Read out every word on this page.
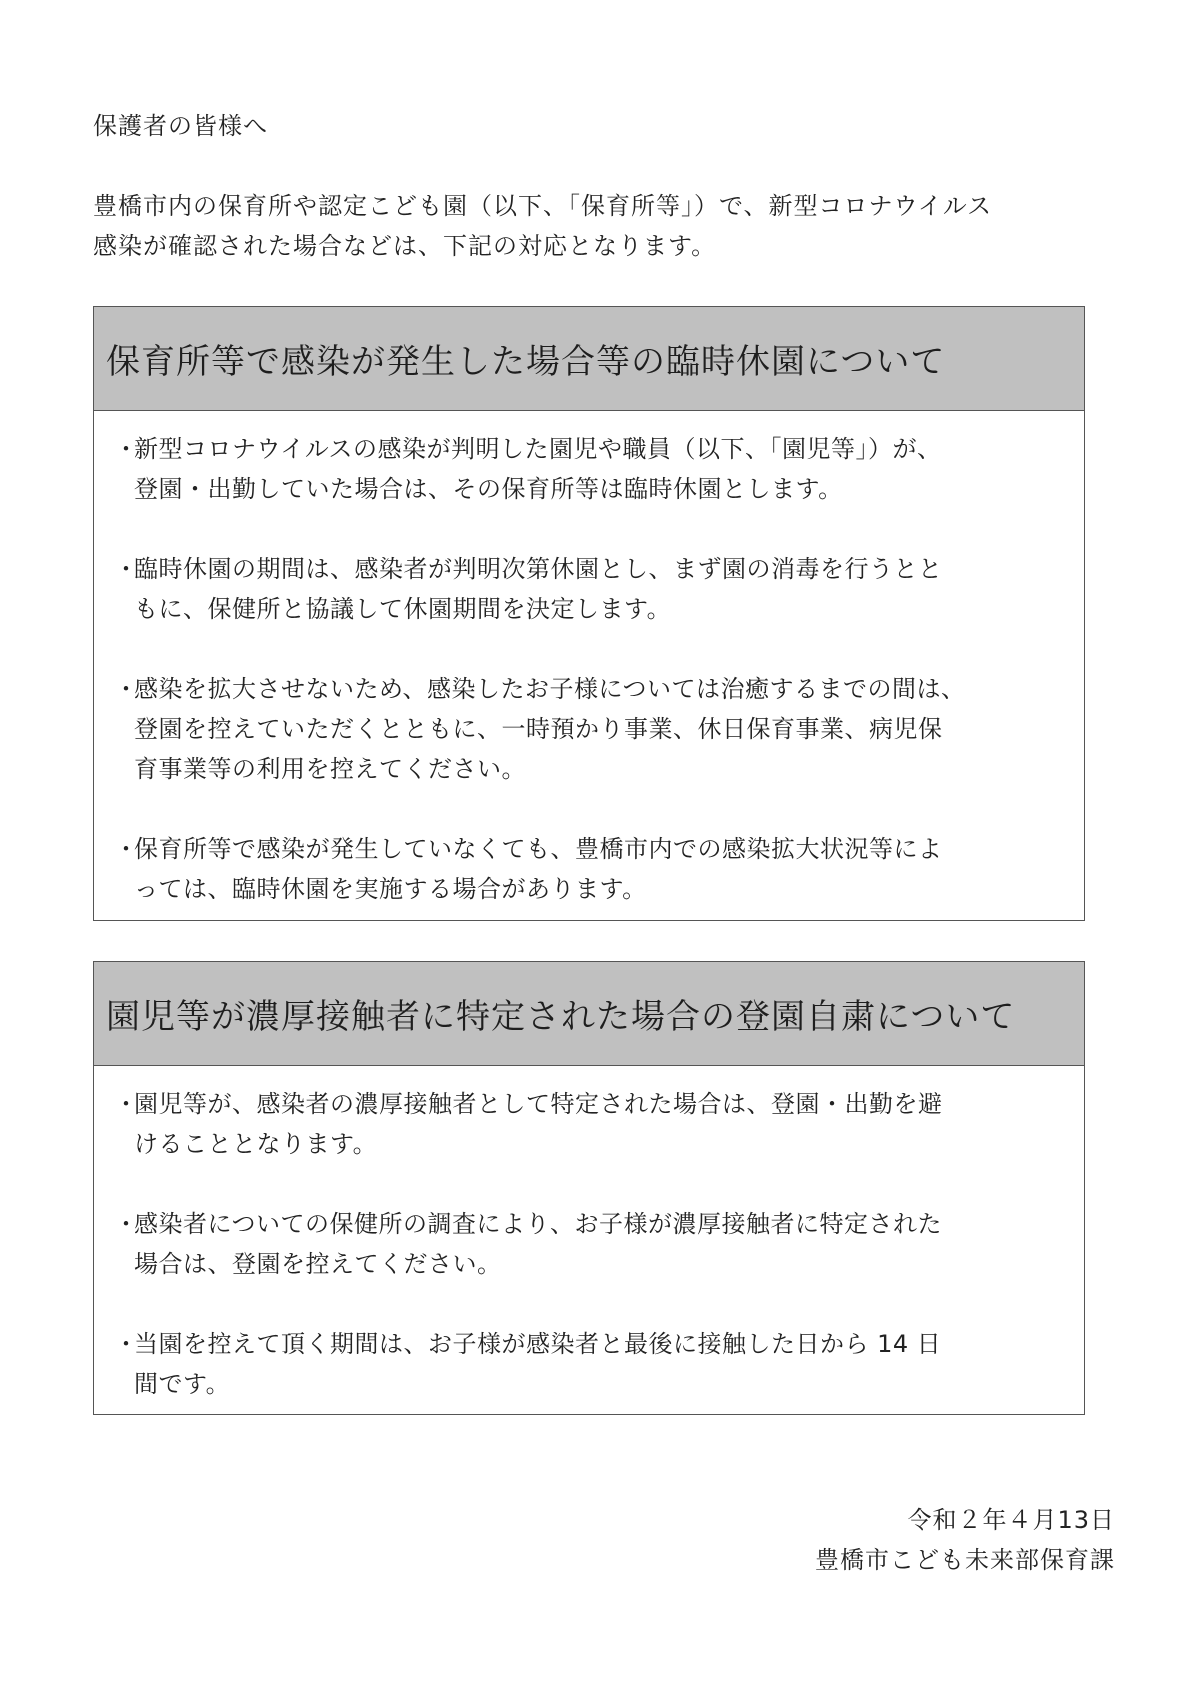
保護者の皆様へ
豊橋市内の保育所や認定こども園（以下、「保育所等」）で、新型コロナウイルス
感染が確認された場合などは、下記の対応となります。
保育所等で感染が発生した場合等の臨時休園について
・
新型コロナウイルスの感染が判明した園児や職員（以下、「園児等」）が、
登園・出勤していた場合は、その保育所等は臨時休園とします。
・
臨時休園の期間は、感染者が判明次第休園とし、まず園の消毒を行うとと
もに、保健所と協議して休園期間を決定します。
・
感染を拡大させないため、感染したお子様については治癒するまでの間は、
登園を控えていただくとともに、一時預かり事業、休日保育事業、病児保
育事業等の利用を控えてください。
・
保育所等で感染が発生していなくても、豊橋市内での感染拡大状況等によ
っては、臨時休園を実施する場合があります。
園児等が濃厚接触者に特定された場合の登園自粛について
・
園児等が、感染者の濃厚接触者として特定された場合は、登園・出勤を避
けることとなります。
・
感染者についての保健所の調査により、お子様が濃厚接触者に特定された
場合は、登園を控えてください。
・
当園を控えて頂く期間は、お子様が感染者と最後に接触した日から 14 日
間です。
令和２年４月13日
豊橋市こども未来部保育課
